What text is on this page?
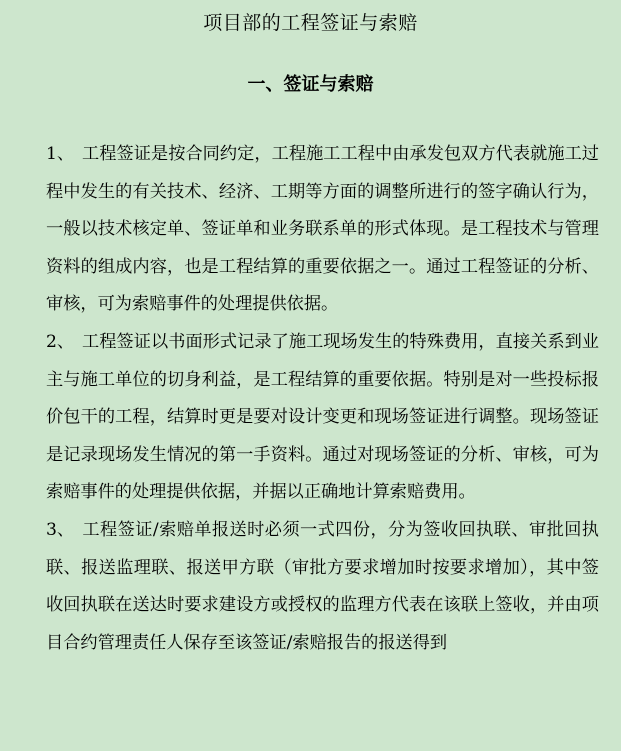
项目部的工程签证与索赔
一、签证与索赔

1、 工程签证是按合同约定，工程施工工程中由承发包双方代表就施工过程中发生的有关技术、经济、工期等方面的调整所进行的签字确认行为，一般以技术核定单、签证单和业务联系单的形式体现。是工程技术与管理资料的组成内容，也是工程结算的重要依据之一。通过工程签证的分析、审核，可为索赔事件的处理提供依据。

2、 工程签证以书面形式记录了施工现场发生的特殊费用，直接关系到业主与施工单位的切身利益，是工程结算的重要依据。特别是对一些投标报价包干的工程，结算时更是要对设计变更和现场签证进行调整。现场签证是记录现场发生情况的第一手资料。通过对现场签证的分析、审核，可为索赔事件的处理提供依据，并据以正确地计算索赔费用。

3、 工程签证/索赔单报送时必须一式四份，分为签收回执联、审批回执联、报送监理联、报送甲方联（审批方要求增加时按要求增加），其中签收回执联在送达时要求建设方或授权的监理方代表在该联上签收，并由项目合约管理责任人保存至该签证/索赔报告的报送得到
